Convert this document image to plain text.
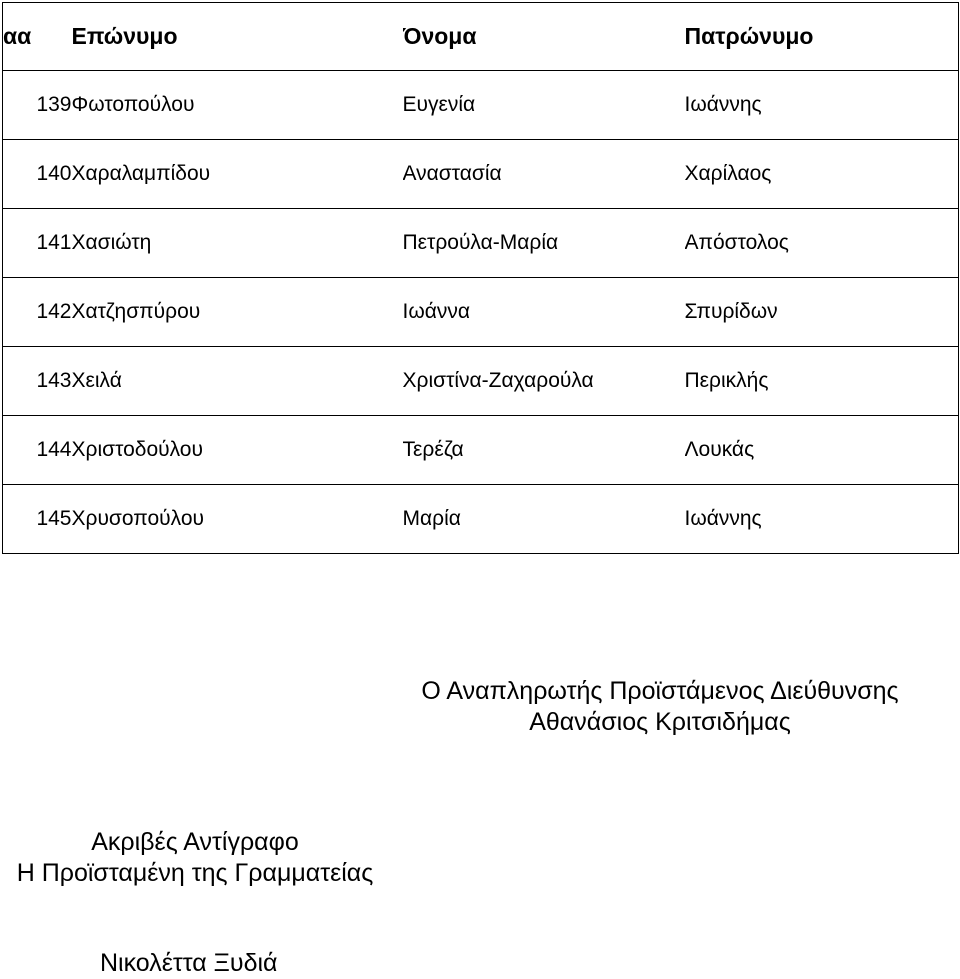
αα	Επώνυμο	Όνομα	Πατρώνυμο
139	Φωτοπούλου	Ευγενία	Ιωάννης
140	Χαραλαμπίδου	Αναστασία	Χαρίλαος
141	Χασιώτη	Πετρούλα-Μαρία	Απόστολος
142	Χατζησπύρου	Ιωάννα	Σπυρίδων
143	Χειλά	Χριστίνα-Ζαχαρούλα	Περικλής
144	Χριστοδούλου	Τερέζα	Λουκάς
145	Χρυσοπούλου	Μαρία	Ιωάννης
Ο Αναπληρωτής Προϊστάμενος Διεύθυνσης
Αθανάσιος Κριτσιδήμας
Ακριβές Αντίγραφο
Η Προϊσταμένη της Γραμματείας
Νικολέττα Ξυδιά
